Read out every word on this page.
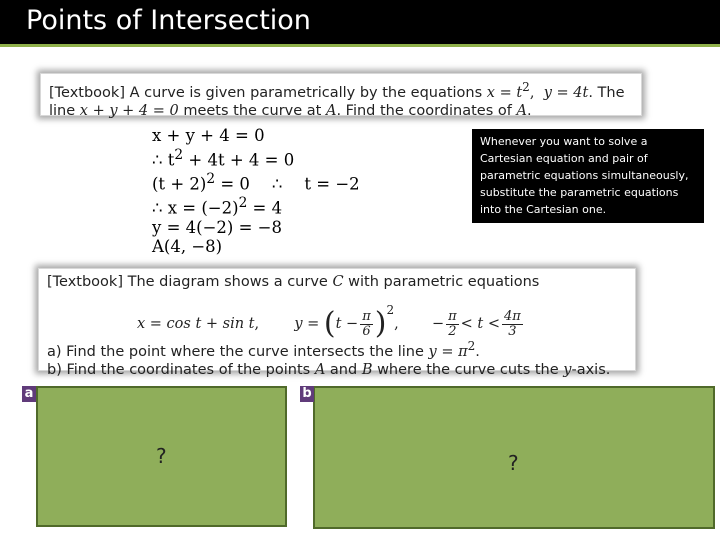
Points of Intersection
[Textbook] A curve is given parametrically by the equations $x = t^2$, y = 4t. The
line x + y + 4 = 0 meets the curve at A. Find the coordinates of A.
x + y + 4 = 0
∴ $t^2 + 4t + 4 = 0$
$(t + 2)^2 = 0$ ∴ t = −2
∴ $x = (-2)^2 = 4$
y = 4(−2) = −8
A(4, −8)
Whenever you want to solve a Cartesian equation and pair of parametric equations simultaneously, substitute the parametric equations into the Cartesian one.
[Textbook] The diagram shows a curve C with parametric equations
x = cos t + sin t, $y = (t - \frac{\pi}{6} )^2$, − $\frac{\pi}{2} < t < \frac{4\pi}{3}$
a) Find the point where the curve intersects the line $y = \pi^2$.
b) Find the coordinates of the points A and B where the curve cuts the y-axis.
?
a
?
b
